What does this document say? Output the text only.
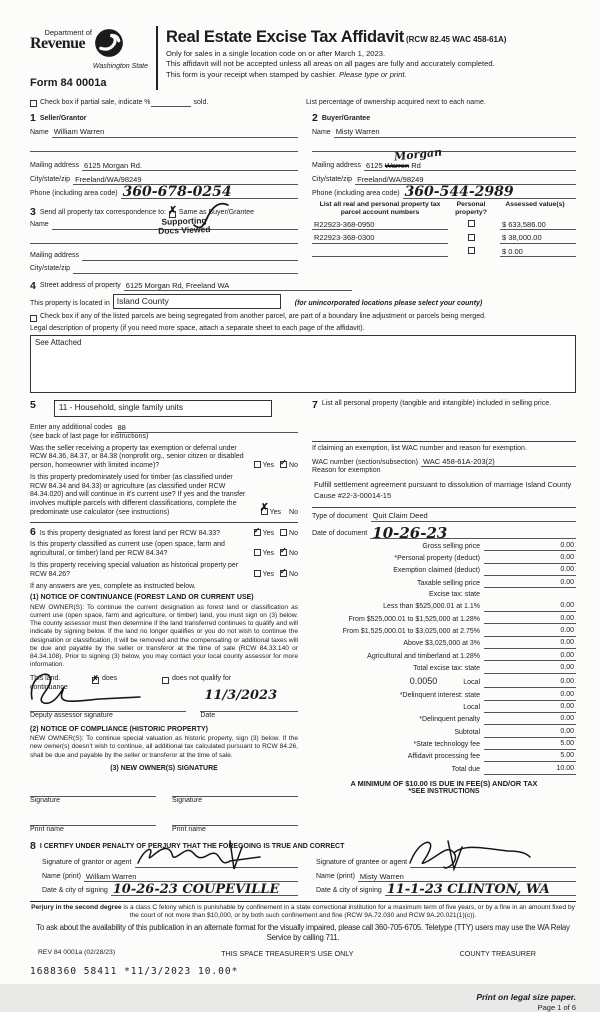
Department of
Revenue
Washington State
Form 84 0001a
Real Estate Excise Tax Affidavit (RCW 82.45 WAC 458-61A)
Only for sales in a single location code on or after March 1, 2023.
This affidavit will not be accepted unless all areas on all pages are fully and accurately completed.
This form is your receipt when stamped by cashier. Please type or print.
Check box if partial sale, indicate %	sold.	List percentage of ownership acquired next to each name.
1 Seller/Grantor
Name William Warren
Mailing address 6125 Morgan Rd.
City/state/zip Freeland/WA/98249
Phone (including area code) 360-678-0254
3 Send all property tax correspondence to: ✗ Same as Buyer/Grantee
Name	Supporting
Docs Viewed
Mailing address
City/state/zip
2 Buyer/Grantee
Name Misty Warren
Mailing address 6125 Warren Rd
Morgan
City/state/zip Freeland/WA/98249
Phone (including area code) 360-544-2989
List all real and personal property tax parcel account numbers
Personal property?
Assessed value(s)
R22923-368-0950	$ 633,586.00
R22923-368-0300	$ 38,000.00
$ 0.00
4 Street address of property 6125 Morgan Rd, Freeland WA
This property is located in Island County	(for unincorporated locations please select your county)
Check box if any of the listed parcels are being segregated from another parcel, are part of a boundary line adjustment or parcels being merged.
Legal description of property (if you need more space, attach a separate sheet to each page of the affidavit).
See Attached
5	11 - Household, single family units
Enter any additional codes 88
(see back of last page for instructions)
Was the seller receiving a property tax exemption or deferral under RCW 84.36, 84.37, or 84.38 (nonprofit org., senior citizen or disabled person, homeowner with limited income)?	Yes ✓ No
Is this property predominately used for timber (as classified under RCW 84.34 and 84.33) or agriculture (as classified under RCW 84.34.020) and will continue in it's current use? If yes and the transfer involves multiple parcels with different classifications, complete the predominate use calculator (see instructions)	✗ Yes No
6 Is this property designated as forest land per RCW 84.33?	✓ Yes No
Is this property classified as current use (open space, farm and agricultural, or timber) land per RCW 84.34?	Yes ✓ No
Is this property receiving special valuation as historical property per RCW 84.26?	Yes ✓ No
If any answers are yes, complete as instructed below.
(1) NOTICE OF CONTINUANCE (FOREST LAND OR CURRENT USE)
NEW OWNER(S): To continue the current designation as forest land or classification as current use (open space, farm and agriculture, or timber) land, you must sign on (3) below. The county assessor must then determine if the land transferred continues to qualify and will indicate by signing below. If the land no longer qualifies or you do not wish to continue the designation or classification, it will be removed and the compensating or additional taxes will be due and payable by the seller or transferor at the time of sale (RCW 84.33.140 or 84.34.108). Prior to signing (3) below, you may contact your local county assessor for more information.
This land.	✗ does	does not qualify for
continuance
Deputy assessor signature
11/3/2023
Date
(2) NOTICE OF COMPLIANCE (HISTORIC PROPERTY)
NEW OWNER(S): To continue special valuation as historic property, sign (3) below. If the new owner(s) doesn't wish to continue, all additional tax calculated pursuant to RCW 84.26, shall be due and payable by the seller or transferor at the time of sale.
(3) NEW OWNER(S) SIGNATURE
Signature	Signature
Print name	Print name
7 List all personal property (tangible and intangible) included in selling price.
If claiming an exemption, list WAC number and reason for exemption.
WAC number (section/subsection) WAC 458-61A-203(2)
Reason for exemption
Fulfill settlement agreement pursuant to dissolution of marriage Island County Cause #22-3-00014-15
Type of document Quit Claim Deed
Date of document 10-26-23
Gross selling price	0.00
*Personal property (deduct)	0.00
Exemption claimed (deduct)	0.00
Taxable selling price	0.00
Excise tax: state
Less than $525,000.01 at 1.1%	0.00
From $525,000.01 to $1,525,000 at 1.28%	0.00
From $1,525,000.01 to $3,025,000 at 2.75%	0.00
Above $3,025,000 at 3%	0.00
Agricultural and timberland at 1.28%	0.00
Total excise tax: state	0.00
0.0050	Local	0.00
*Delinquent interest: state	0.00
Local	0.00
*Delinquent penalty	0.00
Subtotal	0.00
*State technology fee	5.00
Affidavit processing fee	5.00
Total due	10.00
A MINIMUM OF $10.00 IS DUE IN FEE(S) AND/OR TAX
*SEE INSTRUCTIONS
8 I CERTIFY UNDER PENALTY OF PERJURY THAT THE FOREGOING IS TRUE AND CORRECT
Signature of grantor or agent
Name (print) William Warren
Date & city of signing 10-26-23 COUPEVILLE
Signature of grantee or agent
Name (print) Misty Warren
Date & city of signing 11-1-23 CLINTON, WA
Perjury in the second degree is a class C felony which is punishable by confinement in a state correctional institution for a maximum term of five years, or by a fine in an amount fixed by the court of not more than $10,000, or by both such confinement and fine (RCW 9A.72.030 and RCW 9A.20.021(1)(c)).
To ask about the availability of this publication in an alternate format for the visually impaired, please call 360-705-6705. Teletype (TTY) users may use the WA Relay Service by calling 711.
REV 84 0001a (02/28/23)	THIS SPACE TREASURER'S USE ONLY	COUNTY TREASURER
1688360 58411 *11/3/2023 10.00*
Print on legal size paper.
Page 1 of 6
